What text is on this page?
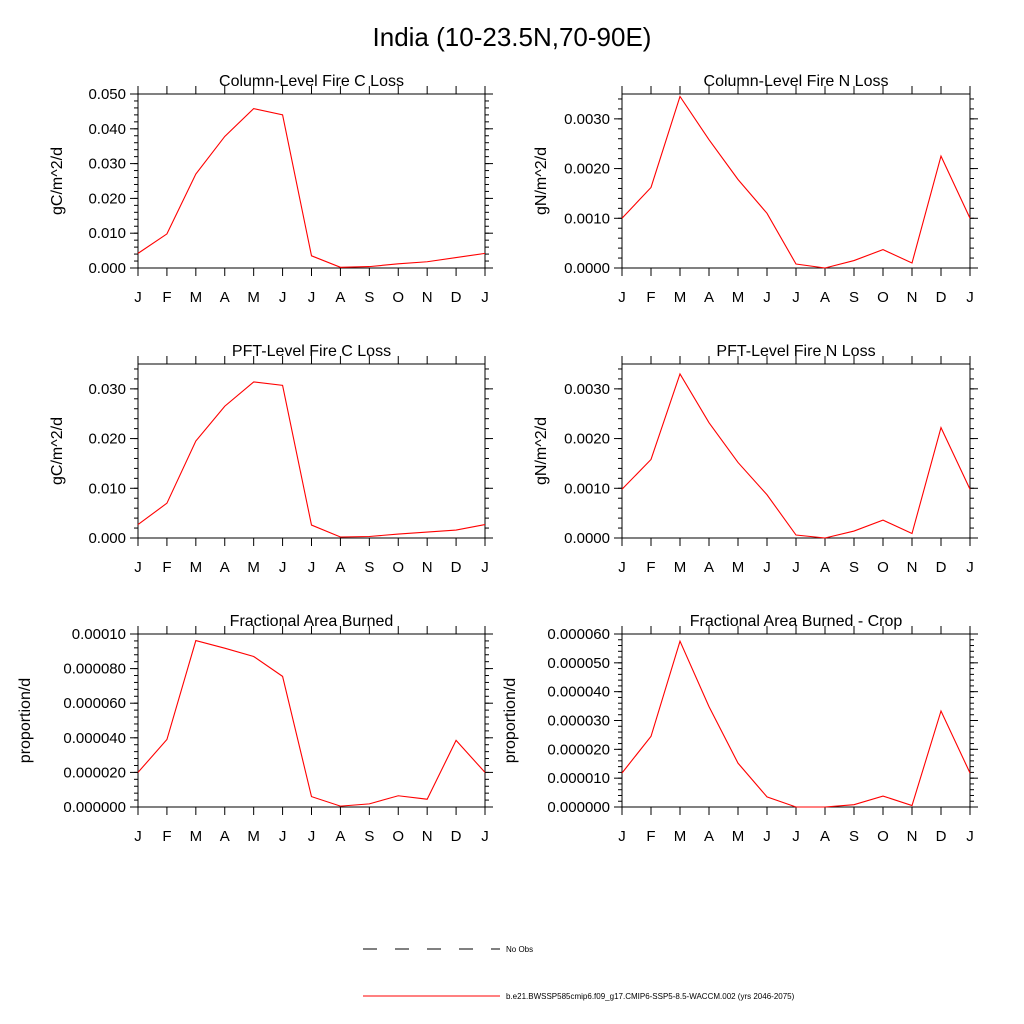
India (10-23.5N,70-90E)
Column-Level Fire C Loss
gC/m^2/d
0.000
0.010
0.020
0.030
0.040
0.050
J F M A M J J A S O N D J
Column-Level Fire N Loss
gN/m^2/d
0.0000
0.0010
0.0020
0.0030
J F M A M J J A S O N D J
PFT-Level Fire C Loss
gC/m^2/d
0.000
0.010
0.020
0.030
J F M A M J J A S O N D J
PFT-Level Fire N Loss
gN/m^2/d
0.0000
0.0010
0.0020
0.0030
J F M A M J J A S O N D J
Fractional Area Burned
proportion/d
0.000000
0.000020
0.000040
0.000060
0.000080
0.00010
J F M A M J J A S O N D J
Fractional Area Burned - Crop
proportion/d
0.000000
0.000010
0.000020
0.000030
0.000040
0.000050
0.000060
J F M A M J J A S O N D J
No Obs
b.e21.BWSSP585cmip6.f09_g17.CMIP6-SSP5-8.5-WACCM.002 (yrs 2046-2075)
